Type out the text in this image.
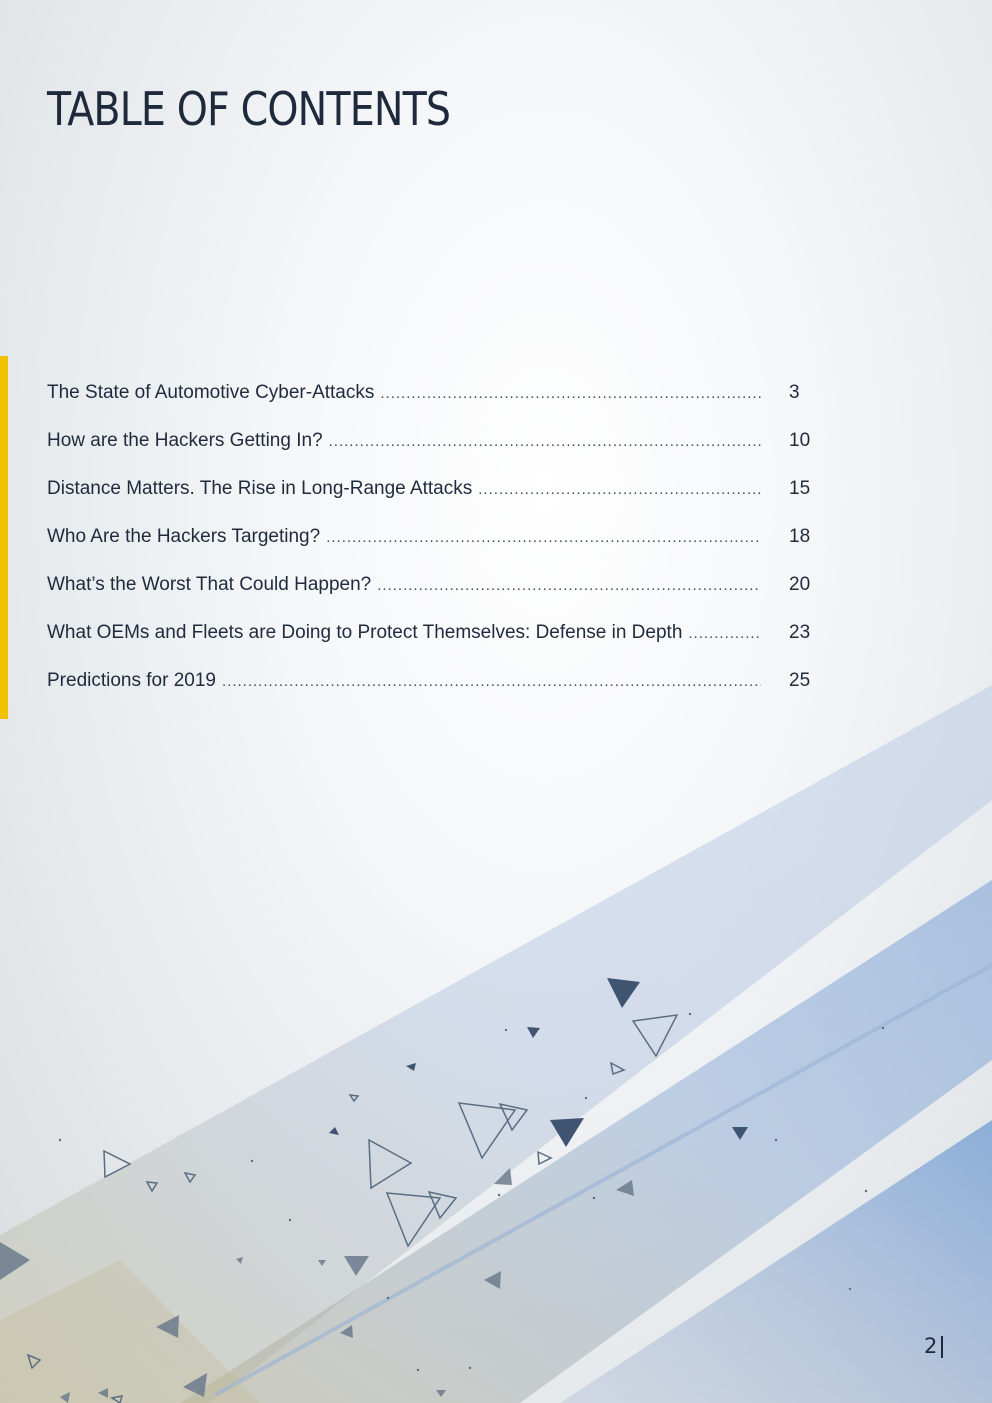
TABLE OF CONTENTS
The State of Automotive Cyber-Attacks .....	3
How are the Hackers Getting In? .....	10
Distance Matters. The Rise in Long-Range Attacks .....	15
Who Are the Hackers Targeting? .....	18
What’s the Worst That Could Happen? .....	20
What OEMs and Fleets are Doing to Protect Themselves: Defense in Depth .....	23
Predictions for 2019 .....	25
2
